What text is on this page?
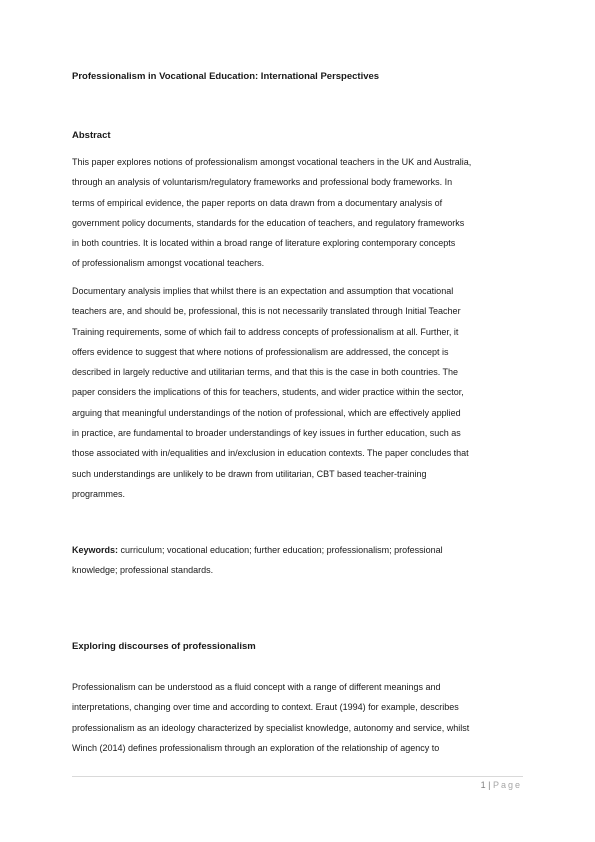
Professionalism in Vocational Education: International Perspectives
Abstract
This paper explores notions of professionalism amongst vocational teachers in the UK and Australia,
through an analysis of voluntarism/regulatory frameworks and professional body frameworks. In
terms of empirical evidence, the paper reports on data drawn from a documentary analysis of
government policy documents, standards for the education of teachers, and regulatory frameworks
in both countries. It is located within a broad range of literature exploring contemporary concepts
of professionalism amongst vocational teachers.
Documentary analysis implies that whilst there is an expectation and assumption that vocational
teachers are, and should be, professional, this is not necessarily translated through Initial Teacher
Training requirements, some of which fail to address concepts of professionalism at all. Further, it
offers evidence to suggest that where notions of professionalism are addressed, the concept is
described in largely reductive and utilitarian terms, and that this is the case in both countries. The
paper considers the implications of this for teachers, students, and wider practice within the sector,
arguing that meaningful understandings of the notion of professional, which are effectively applied
in practice, are fundamental to broader understandings of key issues in further education, such as
those associated with in/equalities and in/exclusion in education contexts. The paper concludes that
such understandings are unlikely to be drawn from utilitarian, CBT based teacher-training
programmes.
Keywords: curriculum; vocational education; further education; professionalism; professional
knowledge; professional standards.
Exploring discourses of professionalism
Professionalism can be understood as a fluid concept with a range of different meanings and
interpretations, changing over time and according to context. Eraut (1994) for example, describes
professionalism as an ideology characterized by specialist knowledge, autonomy and service, whilst
Winch (2014) defines professionalism through an exploration of the relationship of agency to
1 | Page
